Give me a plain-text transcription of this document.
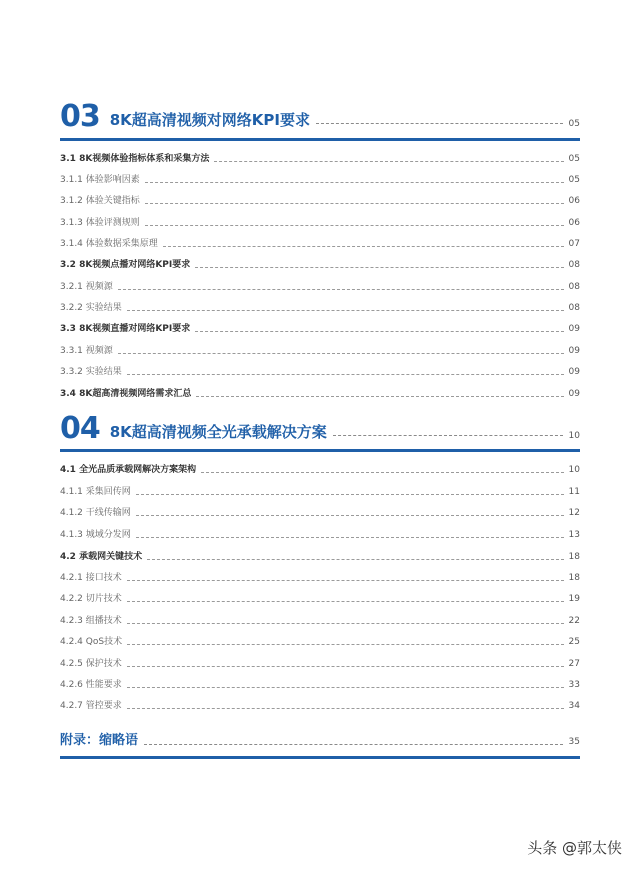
03 8K超高清视频对网络KPI要求	05
3.1 8K视频体验指标体系和采集方法	05
3.1.1 体验影响因素	05
3.1.2 体验关键指标	06
3.1.3 体验评测规则	06
3.1.4 体验数据采集原理	07
3.2 8K视频点播对网络KPI要求	08
3.2.1 视频源	08
3.2.2 实验结果	08
3.3 8K视频直播对网络KPI要求	09
3.3.1 视频源	09
3.3.2 实验结果	09
3.4 8K超高清视频网络需求汇总	09
04 8K超高清视频全光承载解决方案	10
4.1 全光品质承载网解决方案架构	10
4.1.1 采集回传网	11
4.1.2 干线传输网	12
4.1.3 城域分发网	13
4.2 承载网关键技术	18
4.2.1 接口技术	18
4.2.2 切片技术	19
4.2.3 组播技术	22
4.2.4 QoS技术	25
4.2.5 保护技术	27
4.2.6 性能要求	33
4.2.7 管控要求	34
附录：缩略语	35
头条 @郭太侠
